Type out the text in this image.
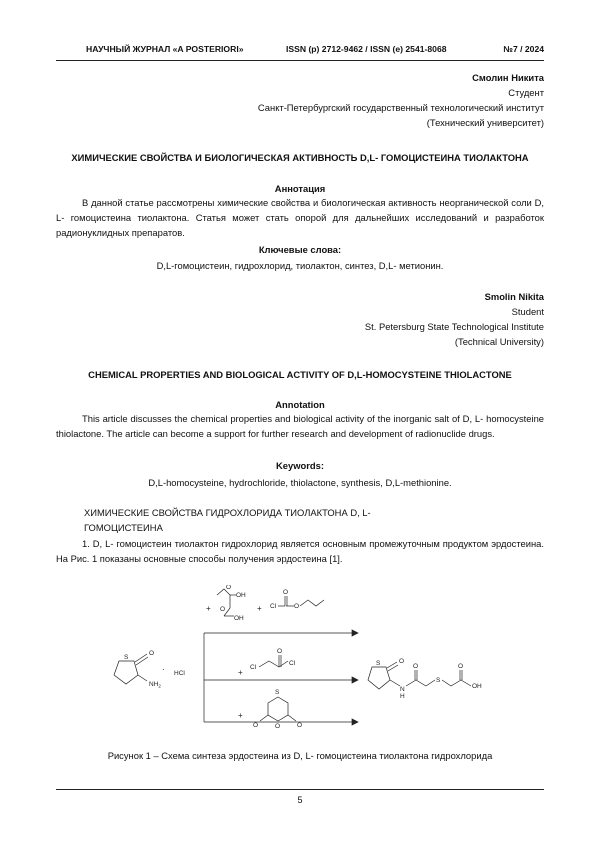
НАУЧНЫЙ ЖУРНАЛ «A POSTERIORI»	ISSN (p) 2712-9462 / ISSN (e) 2541-8068	№7 / 2024
Смолин Никита
Студент
Санкт-Петербургский государственный технологический институт
(Технический университет)
ХИМИЧЕСКИЕ СВОЙСТВА И БИОЛОГИЧЕСКАЯ АКТИВНОСТЬ D,L- ГОМОЦИСТЕИНА ТИОЛАКТОНА
Аннотация
В данной статье рассмотрены химические свойства и биологическая активность неорганической соли D, L- гомоцистеина тиолактона. Статья может стать опорой для дальнейших исследований и разработок радионуклидных препаратов.
Ключевые слова:
D,L-гомоцистеин, гидрохлорид, тиолактон, синтез, D,L- метионин.
Smolin Nikita
Student
St. Petersburg State Technological Institute
(Technical University)
CHEMICAL PROPERTIES AND BIOLOGICAL ACTIVITY OF D,L-HOMOCYSTEINE THIOLACTONE
Annotation
This article discusses the chemical properties and biological activity of the inorganic salt of D, L- homocysteine thiolactone. The article can become a support for further research and development of radionuclide drugs.
Keywords:
D,L-homocysteine, hydrochloride, thiolactone, synthesis, D,L-methionine.
ХИМИЧЕСКИЕ СВОЙСТВА ГИДРОХЛОРИДА ТИОЛАКТОНА D, L-
ГОМОЦИСТЕИНА
1. D, L- гомоцистеин тиолактон гидрохлорид является основным промежуточным продуктом эрдостеина. На Рис. 1 показаны основные способы получения эрдостеина [1].
S
O
$NH_2$
· HCl
+
OH
O
OH
O	+ Cl
O
O
+
Cl
O
Cl
+
S
O
O	O
S	O
N
H
O
S
O
OH
Рисунок 1 – Схема синтеза эрдостеина из D, L- гомоцистеина тиолактона гидрохлорида
5
